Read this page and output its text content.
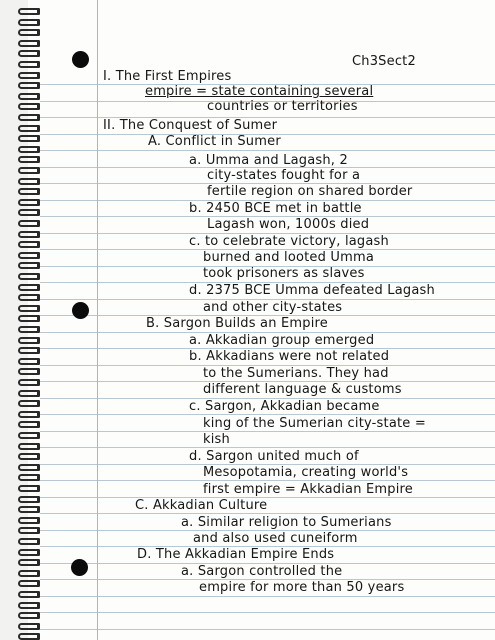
Ch3Sect2
I. The First Empires
empire = state containing several
countries or territories
II. The Conquest of Sumer
A. Conflict in Sumer
a. Umma and Lagash, 2
city-states fought for a
fertile region on shared border
b. 2450 BCE met in battle
Lagash won, 1000s died
c. to celebrate victory, lagash
burned and looted Umma
took prisoners as slaves
d. 2375 BCE Umma defeated Lagash
and other city-states
B. Sargon Builds an Empire
a. Akkadian group emerged
b. Akkadians were not related
to the Sumerians. They had
different language & customs
c. Sargon, Akkadian became
king of the Sumerian city-state =
kish
d. Sargon united much of
Mesopotamia, creating world's
first empire = Akkadian Empire
C. Akkadian Culture
a. Similar religion to Sumerians
and also used cuneiform
D. The Akkadian Empire Ends
a. Sargon controlled the
empire for more than 50 years
